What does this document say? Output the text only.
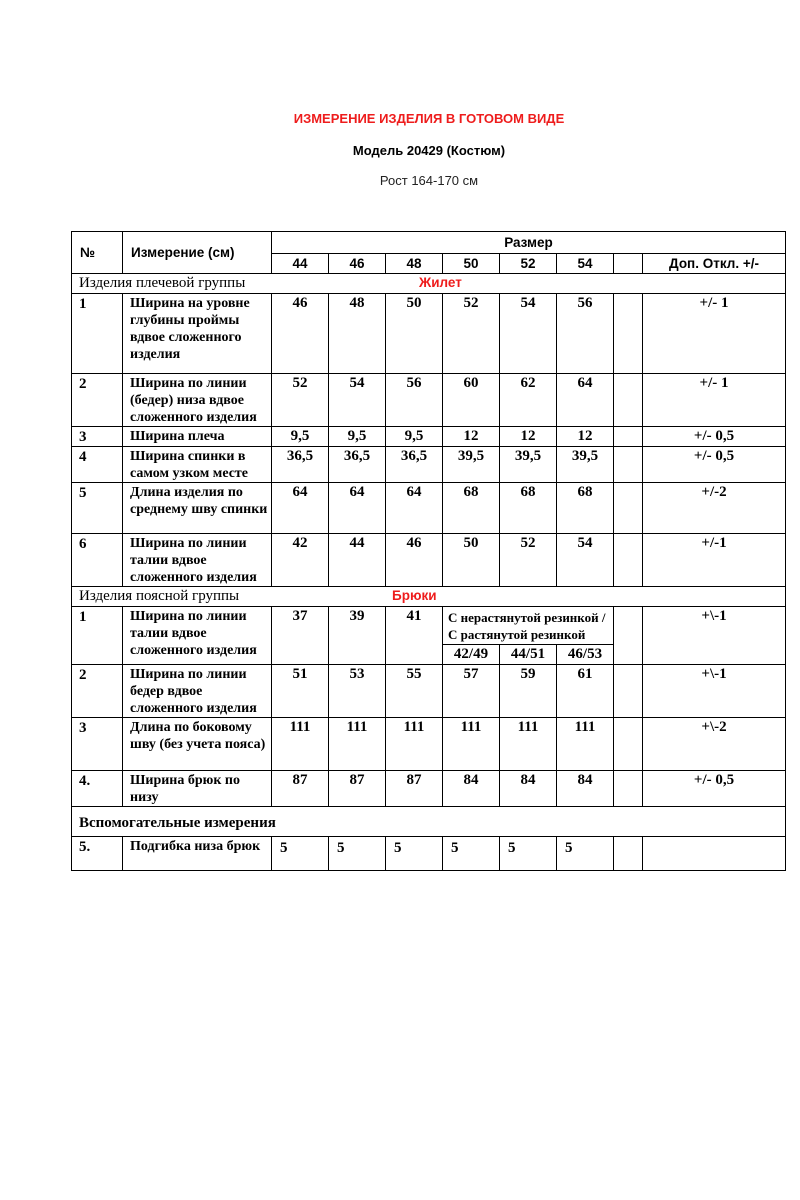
ИЗМЕРЕНИЕ ИЗДЕЛИЯ В ГОТОВОМ ВИДЕ
Модель 20429 (Костюм)
Рост 164-170 см
№	Измерение (см)	Размер							
		44	46	48	50	52	54		Доп. Откл. +/-
Изделия плечевой группы Жилет									

1	Ширина на уровне глубины проймы вдвое сложенного изделия	46	48	50	52	54	56		+/- 1
2	Ширина по линии (бедер) низа вдвое сложенного изделия	52	54	56	60	62	64		+/- 1
3	Ширина плеча	9,5	9,5	9,5	12	12	12		+/- 0,5
4	Ширина спинки в самом узком месте	36,5	36,5	36,5	39,5	39,5	39,5		+/- 0,5
5	Длина изделия по среднему шву спинки	64	64	64	68	68	68		+/-2
6	Ширина по линии талии вдвое сложенного изделия	42	44	46	50	52	54		+/-1
Изделия поясной группы Брюки									

1	Ширина по линии талии вдвое сложенного изделия	37	39	41	С нерастянутой резинкой / С растянутой резинкой				+\-1
					42/49	44/51	46/53		
2	Ширина по линии бедер вдвое сложенного изделия	51	53	55	57	59	61		+\-1
3	Длина по боковому шву (без учета пояса)	111	111	111	111	111	111		+\-2
4.	Ширина брюк по низу	87	87	87	84	84	84		+/- 0,5
Вспомогательные измерения									
5.	Подгибка низа брюк	5	5	5	5	5	5		
